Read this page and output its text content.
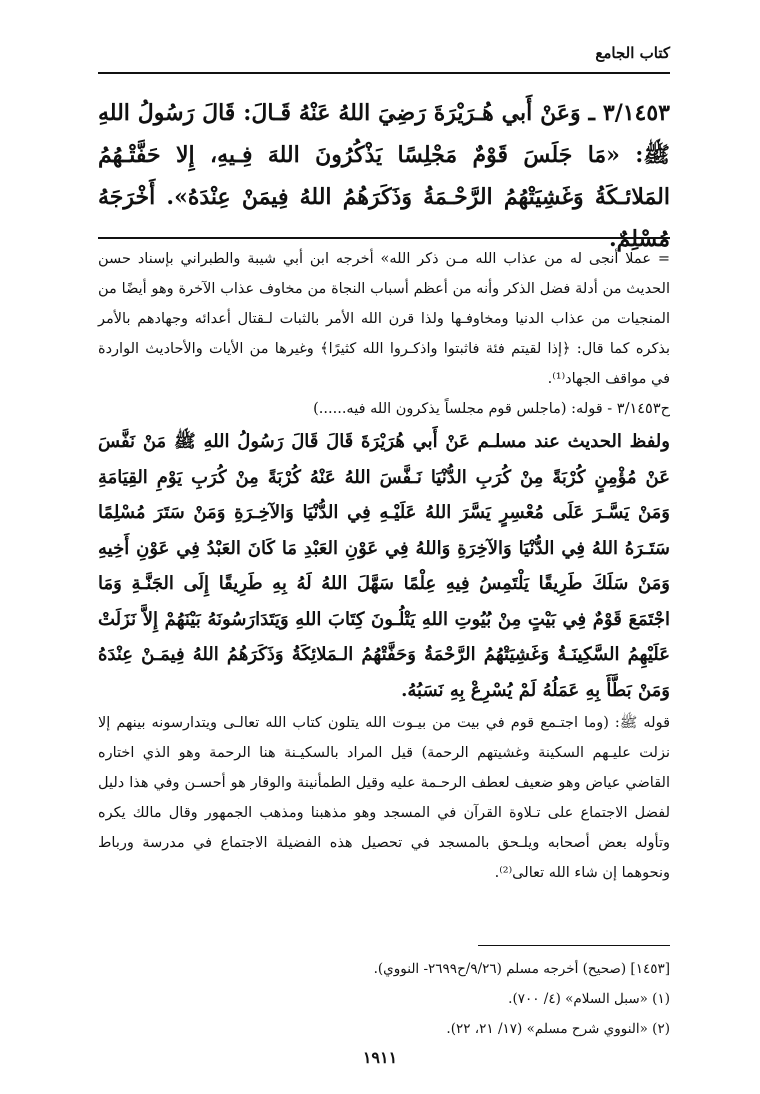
كتاب الجامع
٣/١٤٥٣ ـ وَعَنْ أَبي هُـرَيْرَةَ رَضِيَ اللهُ عَنْهُ قَـالَ: قَالَ رَسُولُ اللهِ ﷺ: «مَا جَلَسَ قَوْمٌ مَجْلِسًا يَذْكُرُونَ اللهَ فِـيهِ، إِلا حَفَّتْـهُمُ المَلائـكَةُ وَغَشِيَتْهُمُ الرَّحْـمَةُ وَذَكَرَهُمُ اللهُ فِيمَنْ عِنْدَهُ». أَخْرَجَهُ مُسْلِمٌ.

= عملا أنجى له من عذاب الله مـن ذكر الله» أخرجه ابن أبي شيبة والطبراني بإسناد حسن الحديث من أدلة فضل الذكر وأنه من أعظم أسباب النجاة من مخاوف عذاب الآخرة وهو أيضًا من المنجيات من عذاب الدنيا ومخاوفـها ولذا قرن الله الأمر بالثبات لـقتال أعدائه وجهادهم بالأمر بذكره كما قال: ﴿إذا لقيتم فئة فاثبتوا واذكـروا الله كثيرًا﴾ وغيرها من الأيات والأحاديث الواردة في مواقف الجهاد⁽¹⁾.

ح٣/١٤٥٣ - قوله: (ماجلس قوم مجلساً يذكرون الله فيه......)

ولفظ الحديث عند مسلـم عَنْ أَبي هُرَيْرَةَ قَالَ قَالَ رَسُولُ اللهِ ﷺ مَنْ نَفَّسَ عَنْ مُؤْمِنٍ كُرْبَةً مِنْ كُرَبِ الدُّنْيَا نَـفَّسَ اللهُ عَنْهُ كُرْبَةً مِنْ كُرَبِ يَوْمِ القِيَامَةِ وَمَنْ يَسَّـرَ عَلَى مُعْسِرٍ يَسَّرَ اللهُ عَلَيْـهِ فِي الدُّنْيَا وَالآخِـرَةِ وَمَنْ سَتَرَ مُسْلِمًا سَتَـرَهُ اللهُ فِي الدُّنْيَا وَالآخِرَةِ وَاللهُ فِي عَوْنِ العَبْدِ مَا كَانَ العَبْدُ فِي عَوْنِ أَخِيهِ وَمَنْ سَلَكَ طَرِيقًا يَلْتَمِسُ فِيهِ عِلْمًا سَهَّلَ اللهُ لَهُ بِهِ طَرِيقًا إِلَى الجَنَّـةِ وَمَا اجْتَمَعَ قَوْمٌ فِي بَيْتٍ مِنْ بُيُوتِ اللهِ يَتْلُـونَ كِتَابَ اللهِ وَيَتَدَارَسُونَهُ بَيْنَهُمْ إِلاَّ نَزَلَتْ عَلَيْهِمُ السَّكِينَـةُ وَغَشِيَتْهُمُ الرَّحْمَةُ وَحَفَّتْهُمُ الـمَلائِكَةُ وَذَكَرَهُمُ اللهُ فِيمَـنْ عِنْدَهُ وَمَنْ بَطَّأَ بِهِ عَمَلُهُ لَمْ يُسْرِعْ بِهِ نَسَبُهُ.

قوله ﷺ: (وما اجتـمع قوم في بيت من بيـوت الله يتلون كتاب الله تعالـى ويتدارسونه بينهم إلا نزلت عليـهم السكينة وغشيتهم الرحمة) قيل المراد بالسكيـنة هنا الرحمة وهو الذي اختاره القاضي عياض وهو ضعيف لعطف الرحـمة عليه وقيل الطمأنينة والوقار هو أحسـن وفي هذا دليل لفضل الاجتماع على تـلاوة القرآن في المسجد وهو مذهبنا ومذهب الجمهور وقال مالك يكره وتأوله بعض أصحابه ويلـحق بالمسجد في تحصيل هذه الفضيلة الاجتماع في مدرسة ورباط ونحوهما إن شاء الله تعالى⁽²⁾.

[١٤٥٣] (صحيح) أخرجه مسلم (٩/٢٦/ح٢٦٩٩- النووي).
(١) «سبل السلام» (٤/ ٧٠٠).
(٢) «النووي شرح مسلم» (١٧/ ٢١، ٢٢).
١٩١١
